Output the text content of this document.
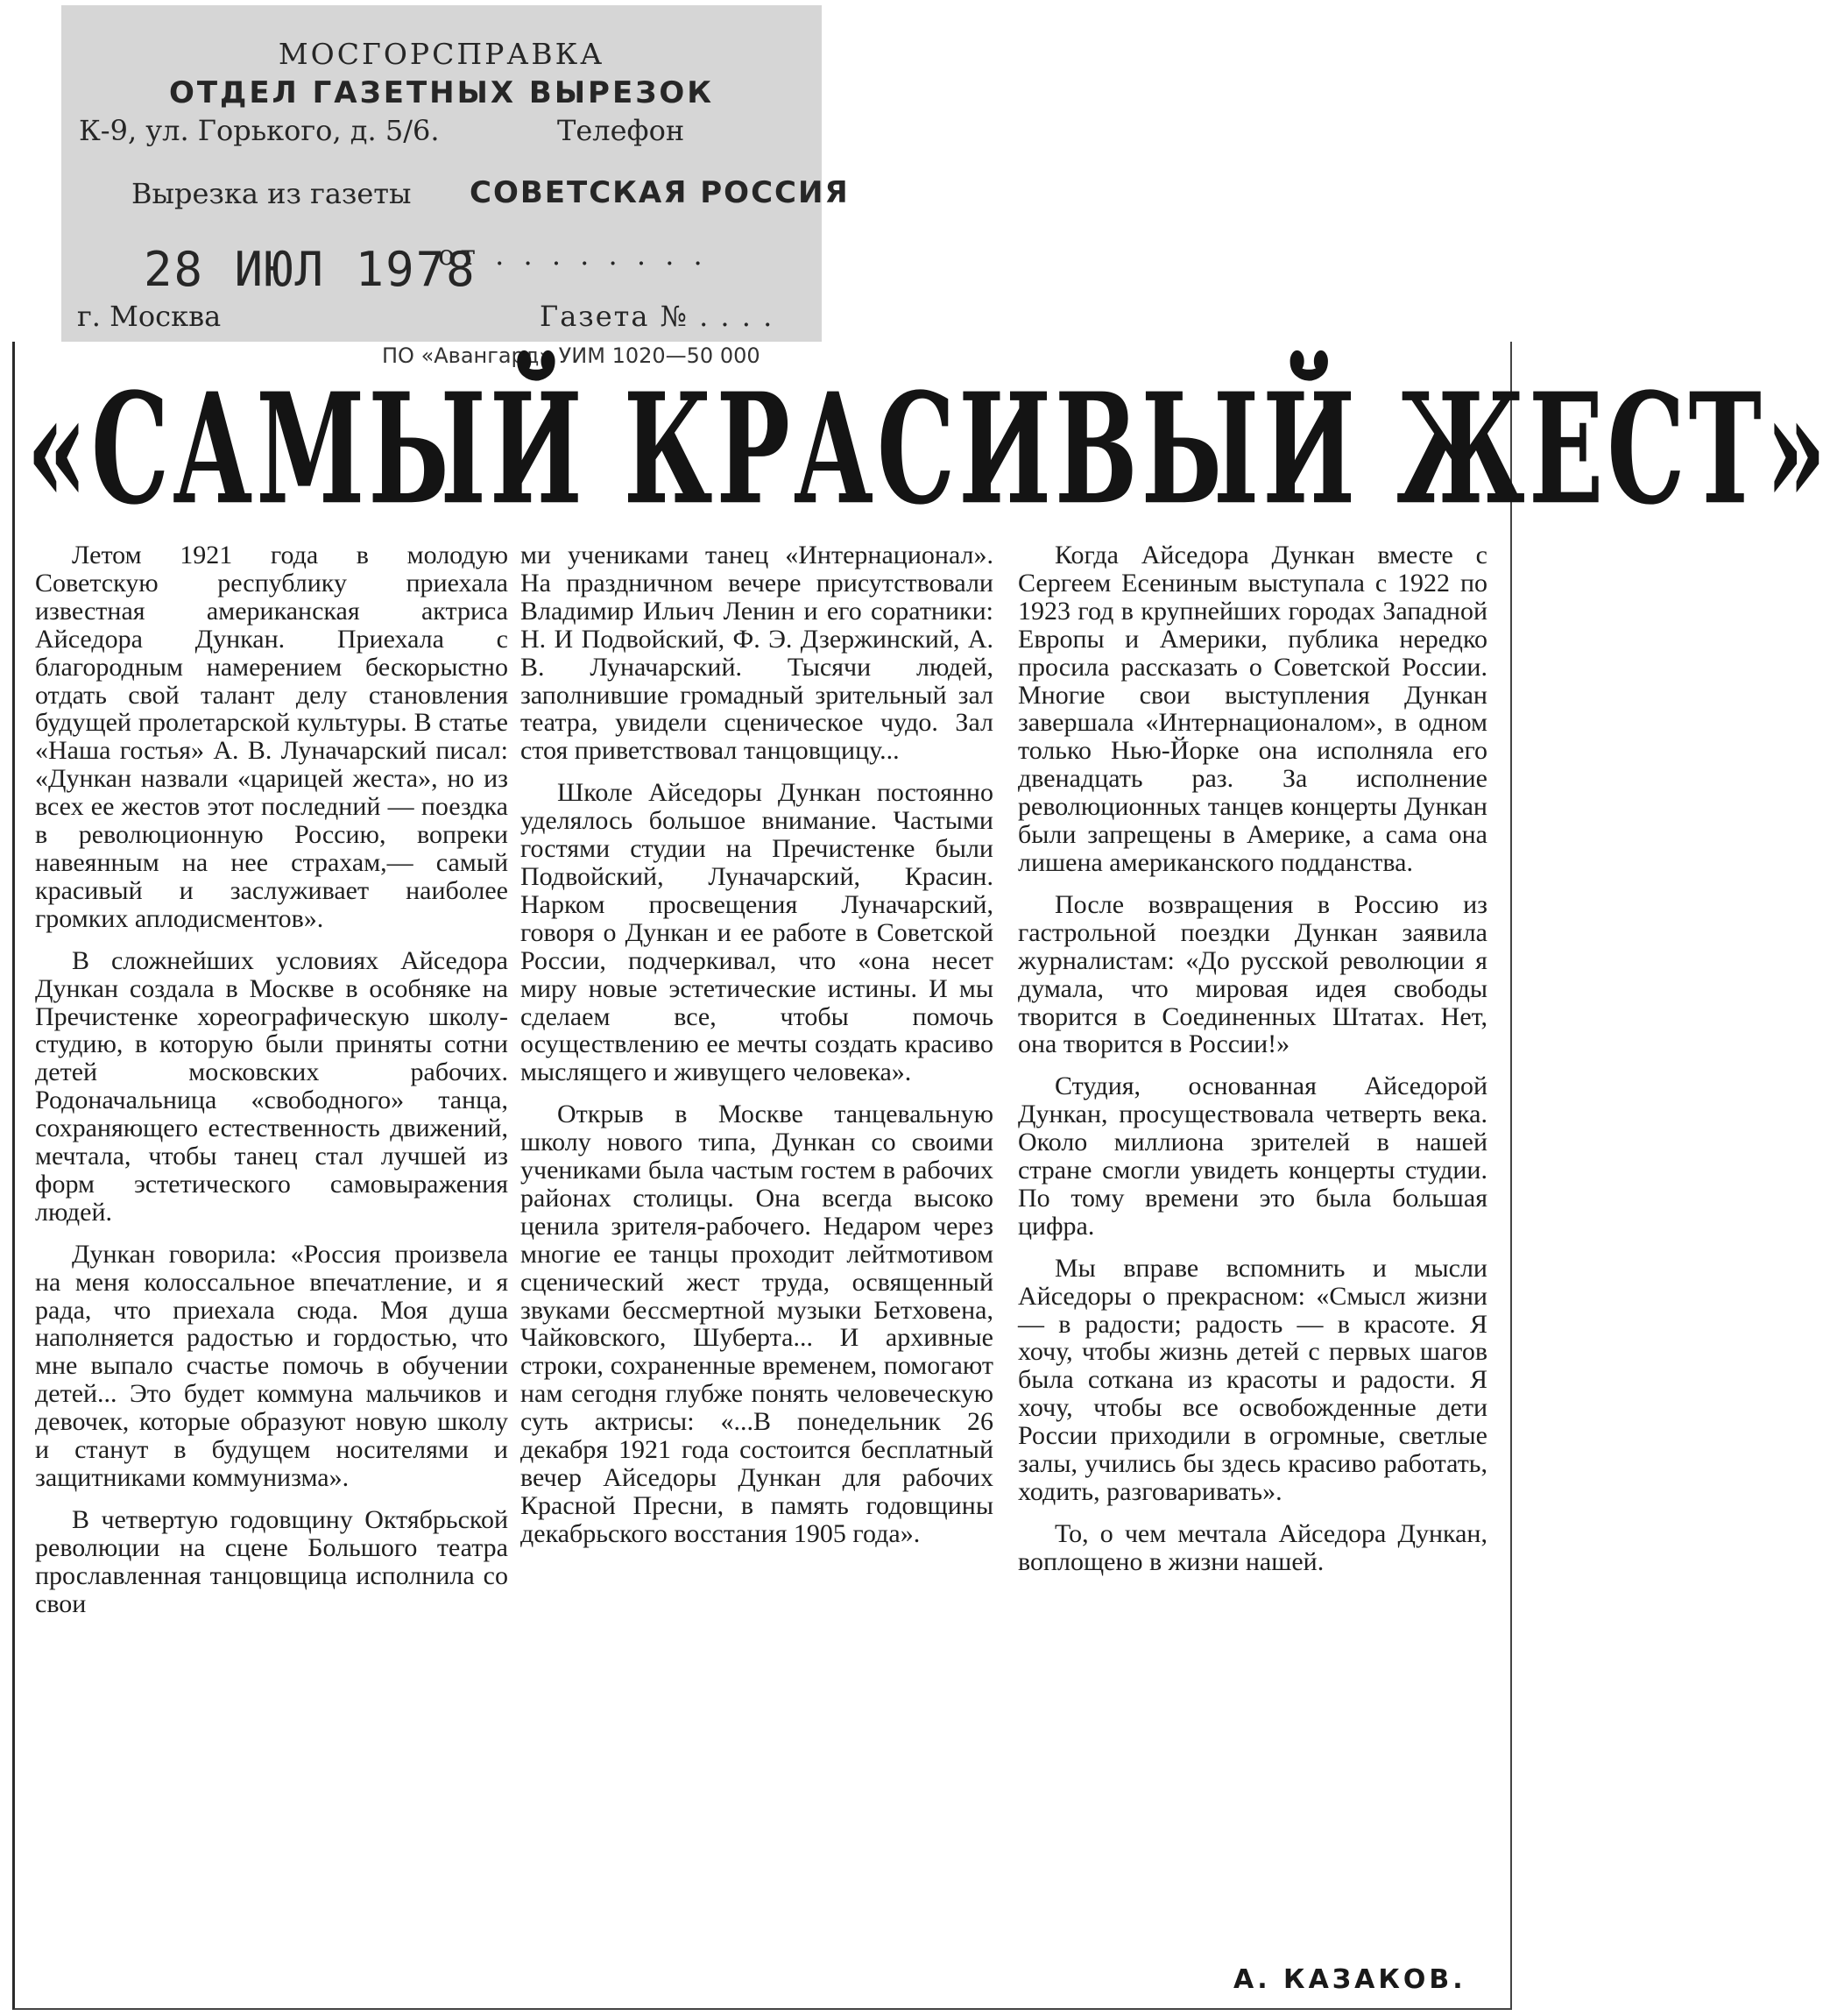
МОСГОРСПРАВКА
ОТДЕЛ ГАЗЕТНЫХ ВЫРЕЗОК
К-9, ул. Горького, д. 5/6.	Телефон
Вырезка из газеты СОВЕТСКАЯ РОССИЯ
28 ИЮЛ 1978
от . . . . . . . .
г. Москва	Газета № . . . .
ПО «Авангард» УИМ 1020—50 000
«САМЫЙ КРАСИВЫЙ ЖЕСТ»

Летом 1921 года в молодую Советскую республику приехала известная американская актриса Айседора Дункан. Приехала с благородным намерением бескорыстно отдать свой талант делу становления будущей пролетарской культуры. В статье «Наша гостья» А. В. Луначарский писал: «Дункан назвали «царицей жеста», но из всех ее жестов этот последний — поездка в революционную Россию, вопреки навеянным на нее страхам,— самый красивый и заслуживает наиболее громких аплодисментов».

В сложнейших условиях Айседора Дункан создала в Москве в особняке на Пречистенке хореографическую школу-студию, в которую были приняты сотни детей московских рабочих. Родоначальница «свободного» танца, сохраняющего естественность движений, мечтала, чтобы танец стал лучшей из форм эстетического самовыражения людей.

Дункан говорила: «Россия произвела на меня колоссальное впечатление, и я рада, что приехала сюда. Моя душа наполняется радостью и гордостью, что мне выпало счастье помочь в обучении детей... Это будет коммуна мальчиков и девочек, которые образуют новую школу и станут в будущем носителями и защитниками коммунизма».

В четвертую годовщину Октябрьской революции на сцене Большого театра прославленная танцовщица исполнила со свои

ми учениками танец «Интернационал». На праздничном вечере присутствовали Владимир Ильич Ленин и его соратники: Н. И Подвойский, Ф. Э. Дзержинский, А. В. Луначарский. Тысячи людей, заполнившие громадный зрительный зал театра, увидели сценическое чудо. Зал стоя приветствовал танцовщицу...

Школе Айседоры Дункан постоянно уделялось большое внимание. Частыми гостями студии на Пречистенке были Подвойский, Луначарский, Красин. Нарком просвещения Луначарский, говоря о Дункан и ее работе в Советской России, подчеркивал, что «она несет миру новые эстетические истины. И мы сделаем все, чтобы помочь осуществлению ее мечты создать красиво мыслящего и живущего человека».

Открыв в Москве танцевальную школу нового типа, Дункан со своими учениками была частым гостем в рабочих районах столицы. Она всегда высоко ценила зрителя-рабочего. Недаром через многие ее танцы проходит лейтмотивом сценический жест труда, освященный звуками бессмертной музыки Бетховена, Чайковского, Шуберта... И архивные строки, сохраненные временем, помогают нам сегодня глубже понять человеческую суть актрисы: «...В понедельник 26 декабря 1921 года состоится бесплатный вечер Айседоры Дункан для рабочих Красной Пресни, в память годовщины декабрьского восстания 1905 года».

Когда Айседора Дункан вместе с Сергеем Есениным выступала с 1922 по 1923 год в крупнейших городах Западной Европы и Америки, публика нередко просила рассказать о Советской России. Многие свои выступления Дункан завершала «Интернационалом», в одном только Нью-Йорке она исполняла его двенадцать раз. За исполнение революционных танцев концерты Дункан были запрещены в Америке, а сама она лишена американского подданства.

После возвращения в Россию из гастрольной поездки Дункан заявила журналистам: «До русской революции я думала, что мировая идея свободы творится в Соединенных Штатах. Нет, она творится в России!»

Студия, основанная Айседорой Дункан, просуществовала четверть века. Около миллиона зрителей в нашей стране смогли увидеть концерты студии. По тому времени это была большая цифра.

Мы вправе вспомнить и мысли Айседоры о прекрасном: «Смысл жизни — в радости; радость — в красоте. Я хочу, чтобы жизнь детей с первых шагов была соткана из красоты и радости. Я хочу, чтобы все освобожденные дети России приходили в огромные, светлые залы, учились бы здесь красиво работать, ходить, разговаривать».

То, о чем мечтала Айседора Дункан, воплощено в жизни нашей.

А. КАЗАКОВ.
